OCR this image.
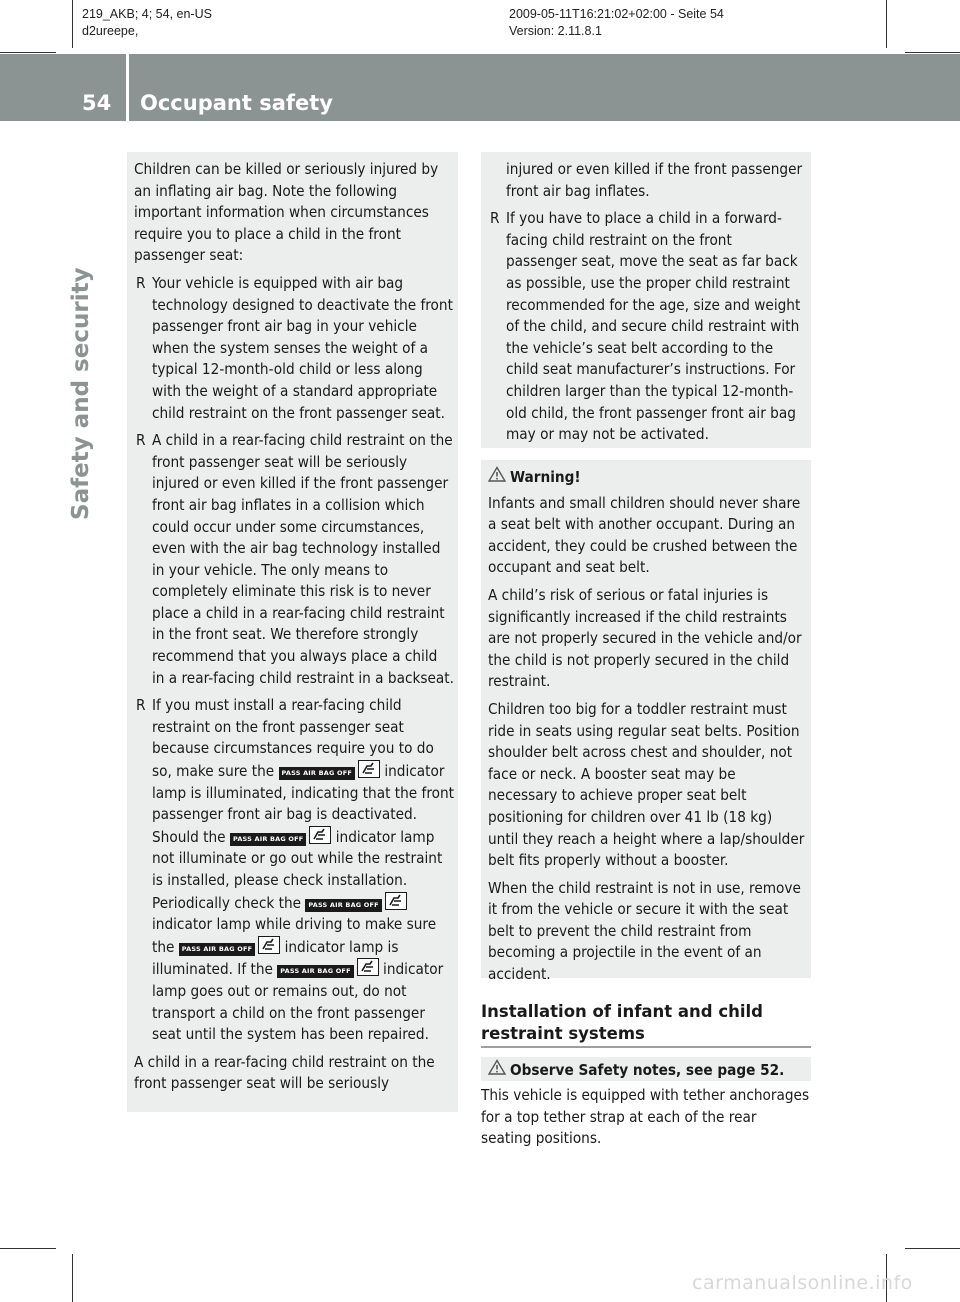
219_AKB; 4; 54, en-US
d2ureepe,
2009-05-11T16:21:02+02:00 - Seite 54
Version: 2.11.8.1
54 Occupant safety
Safety and security

Children can be killed or seriously injured by an inflating air bag. Note the following important information when circumstances require you to place a child in the front passenger seat:

R Your vehicle is equipped with air bag technology designed to deactivate the front passenger front air bag in your vehicle when the system senses the weight of a typical 12-month-old child or less along with the weight of a standard appropriate child restraint on the front passenger seat.
R A child in a rear-facing child restraint on the front passenger seat will be seriously injured or even killed if the front passenger front air bag inflates in a collision which could occur under some circumstances, even with the air bag technology installed in your vehicle. The only means to completely eliminate this risk is to never place a child in a rear-facing child restraint in the front seat. We therefore strongly recommend that you always place a child in a rear-facing child restraint in a backseat.
R If you must install a rear-facing child restraint on the front passenger seat because circumstances require you to do so, make sure the PASS AIR BAG OFF indicator lamp is illuminated, indicating that the front passenger front air bag is deactivated. Should the PASS AIR BAG OFF indicator lamp not illuminate or go out while the restraint is installed, please check installation. Periodically check the PASS AIR BAG OFF
indicator lamp while driving to make sure the PASS AIR BAG OFF indicator lamp is illuminated. If the PASS AIR BAG OFF indicator lamp goes out or remains out, do not transport a child on the front passenger seat until the system has been repaired.

A child in a rear-facing child restraint on the front passenger seat will be seriously

injured or even killed if the front passenger front air bag inflates.

R If you have to place a child in a forward-facing child restraint on the front passenger seat, move the seat as far back as possible, use the proper child restraint recommended for the age, size and weight of the child, and secure child restraint with the vehicle’s seat belt according to the child seat manufacturer’s instructions. For children larger than the typical 12-month-old child, the front passenger front air bag may or may not be activated.
Warning!

Infants and small children should never share a seat belt with another occupant. During an accident, they could be crushed between the occupant and seat belt.

A child’s risk of serious or fatal injuries is significantly increased if the child restraints are not properly secured in the vehicle and/or the child is not properly secured in the child restraint.

Children too big for a toddler restraint must ride in seats using regular seat belts. Position shoulder belt across chest and shoulder, not face or neck. A booster seat may be necessary to achieve proper seat belt positioning for children over 41 lb (18 kg) until they reach a height where a lap/shoulder belt fits properly without a booster.

When the child restraint is not in use, remove it from the vehicle or secure it with the seat belt to prevent the child restraint from becoming a projectile in the event of an accident.

Installation of infant and child restraint systems
Observe Safety notes, see page 52.
This vehicle is equipped with tether anchorages for a top tether strap at each of the rear seating positions.
carmanualsonline.info
